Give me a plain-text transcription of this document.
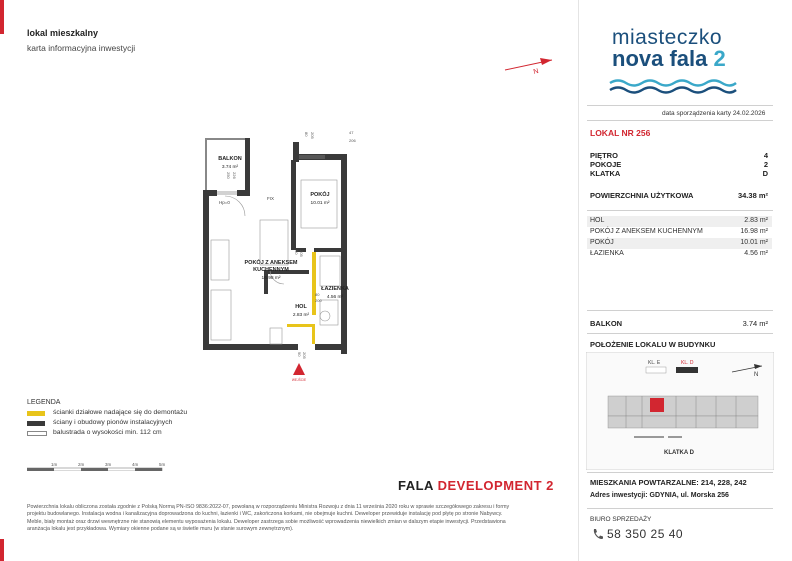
lokal mieszkalny
karta informacyjna inwestycji
N
BALKON
3.74 m²
POKÓJ
10.01 m²
POKÓJ Z ANEKSEM
KUCHENNYM
16.98 m²
ŁAZIENKA
4.56 m²
HOL
2.83 m²
Hp=0
FIX
80
200
90 205
90 205
47
206
80 205
250 226
WEJŚCIE
LEGENDA
ścianki działowe nadające się do demontażu
ściany i obudowy pionów instalacyjnych
balustrada o wysokości min. 112 cm
1m	2m	3m	4m	5m
Powierzchnia lokalu obliczona została zgodnie z Polską Normą PN-ISO 9836:2022-07, powołaną w rozporządzeniu Ministra Rozwoju z dnia 11 września 2020 roku w sprawie szczegółowego zakresu i formy
projektu budowlanego. Instalacja wodna i kanalizacyjna doprowadzona do kuchni, łazienki i WC, zakończona korkami, nie obejmuje kuchni. Deweloper przewiduje instalację pod płytę po stronie Nabywcy.
Meble, biały montaż oraz drzwi wewnętrzne nie stanowią elementu wyposażenia lokalu. Deweloper zastrzega sobie możliwość wprowadzenia niewielkich zmian w dalszym etapie inwestycji. Przedstawiona
aranżacja lokalu jest przykładowa. Wymiary okienne podane są w świetle muru (w stanie surowym zewnętrznym).
FALA DEVELOPMENT 2
miasteczko
nova fala 2
data sporządzenia karty 24.02.2026
LOKAL NR 256
PIĘTRO	4
POKOJE	2
KLATKA	D
POWIERZCHNIA UŻYTKOWA	34.38 m²
HOL	2.83 m²
POKÓJ Z ANEKSEM KUCHENNYM	16.98 m²
POKÓJ	10.01 m²
ŁAZIENKA	4.56 m²
BALKON	3.74 m²
POŁOŻENIE LOKALU W BUDYNKU
KL. E	KL. D
KLATKA D
N
MIESZKANIA POWTARZALNE: 214, 228, 242
Adres inwestycji: GDYNIA, ul. Morska 256
BIURO SPRZEDAŻY
58 350 25 40
